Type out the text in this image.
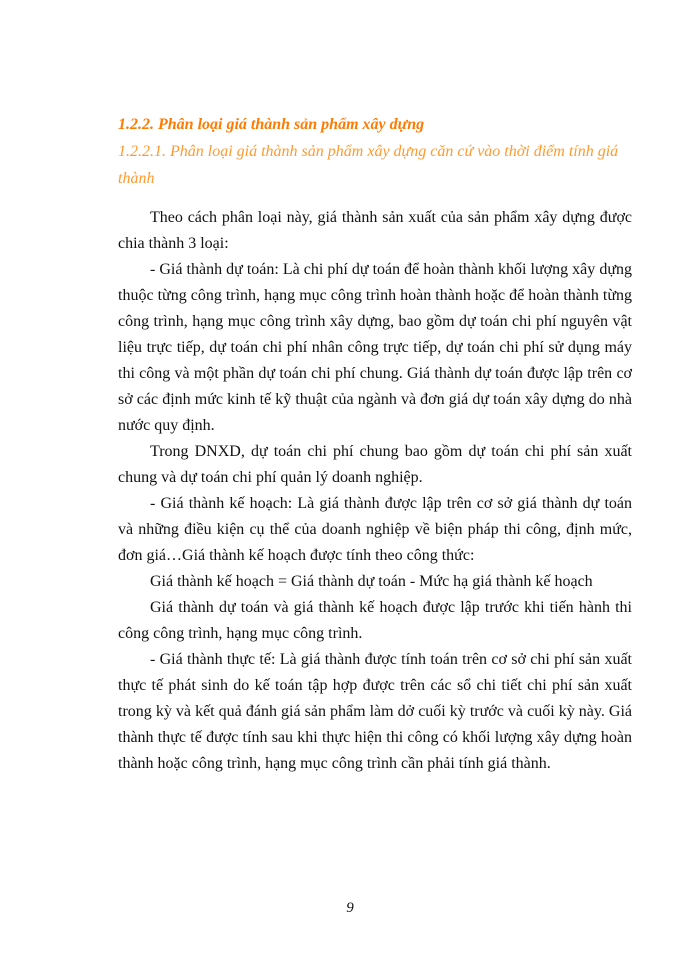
1.2.2. Phân loại giá thành sản phẩm xây dựng

1.2.2.1. Phân loại giá thành sản phẩm xây dựng căn cứ vào thời điểm tính giá thành

Theo cách phân loại này, giá thành sản xuất của sản phẩm xây dựng được chia thành 3 loại:

- Giá thành dự toán: Là chi phí dự toán để hoàn thành khối lượng xây dựng thuộc từng công trình, hạng mục công trình hoàn thành hoặc để hoàn thành từng công trình, hạng mục công trình xây dựng, bao gồm dự toán chi phí nguyên vật liệu trực tiếp, dự toán chi phí nhân công trực tiếp, dự toán chi phí sử dụng máy thi công và một phần dự toán chi phí chung. Giá thành dự toán được lập trên cơ sở các định mức kinh tế kỹ thuật của ngành và đơn giá dự toán xây dựng do nhà nước quy định.

Trong DNXD, dự toán chi phí chung bao gồm dự toán chi phí sản xuất chung và dự toán chi phí quản lý doanh nghiệp.

- Giá thành kế hoạch: Là giá thành được lập trên cơ sở giá thành dự toán và những điều kiện cụ thể của doanh nghiệp về biện pháp thi công, định mức, đơn giá…Giá thành kế hoạch được tính theo công thức:

Giá thành kế hoạch = Giá thành dự toán - Mức hạ giá thành kế hoạch

Giá thành dự toán và giá thành kế hoạch được lập trước khi tiến hành thi công công trình, hạng mục công trình.

- Giá thành thực tế: Là giá thành được tính toán trên cơ sở chi phí sản xuất thực tế phát sinh do kế toán tập hợp được trên các sổ chi tiết chi phí sản xuất trong kỳ và kết quả đánh giá sản phẩm làm dở cuối kỳ trước và cuối kỳ này. Giá thành thực tế được tính sau khi thực hiện thi công có khối lượng xây dựng hoàn thành hoặc công trình, hạng mục công trình cần phải tính giá thành.

9
